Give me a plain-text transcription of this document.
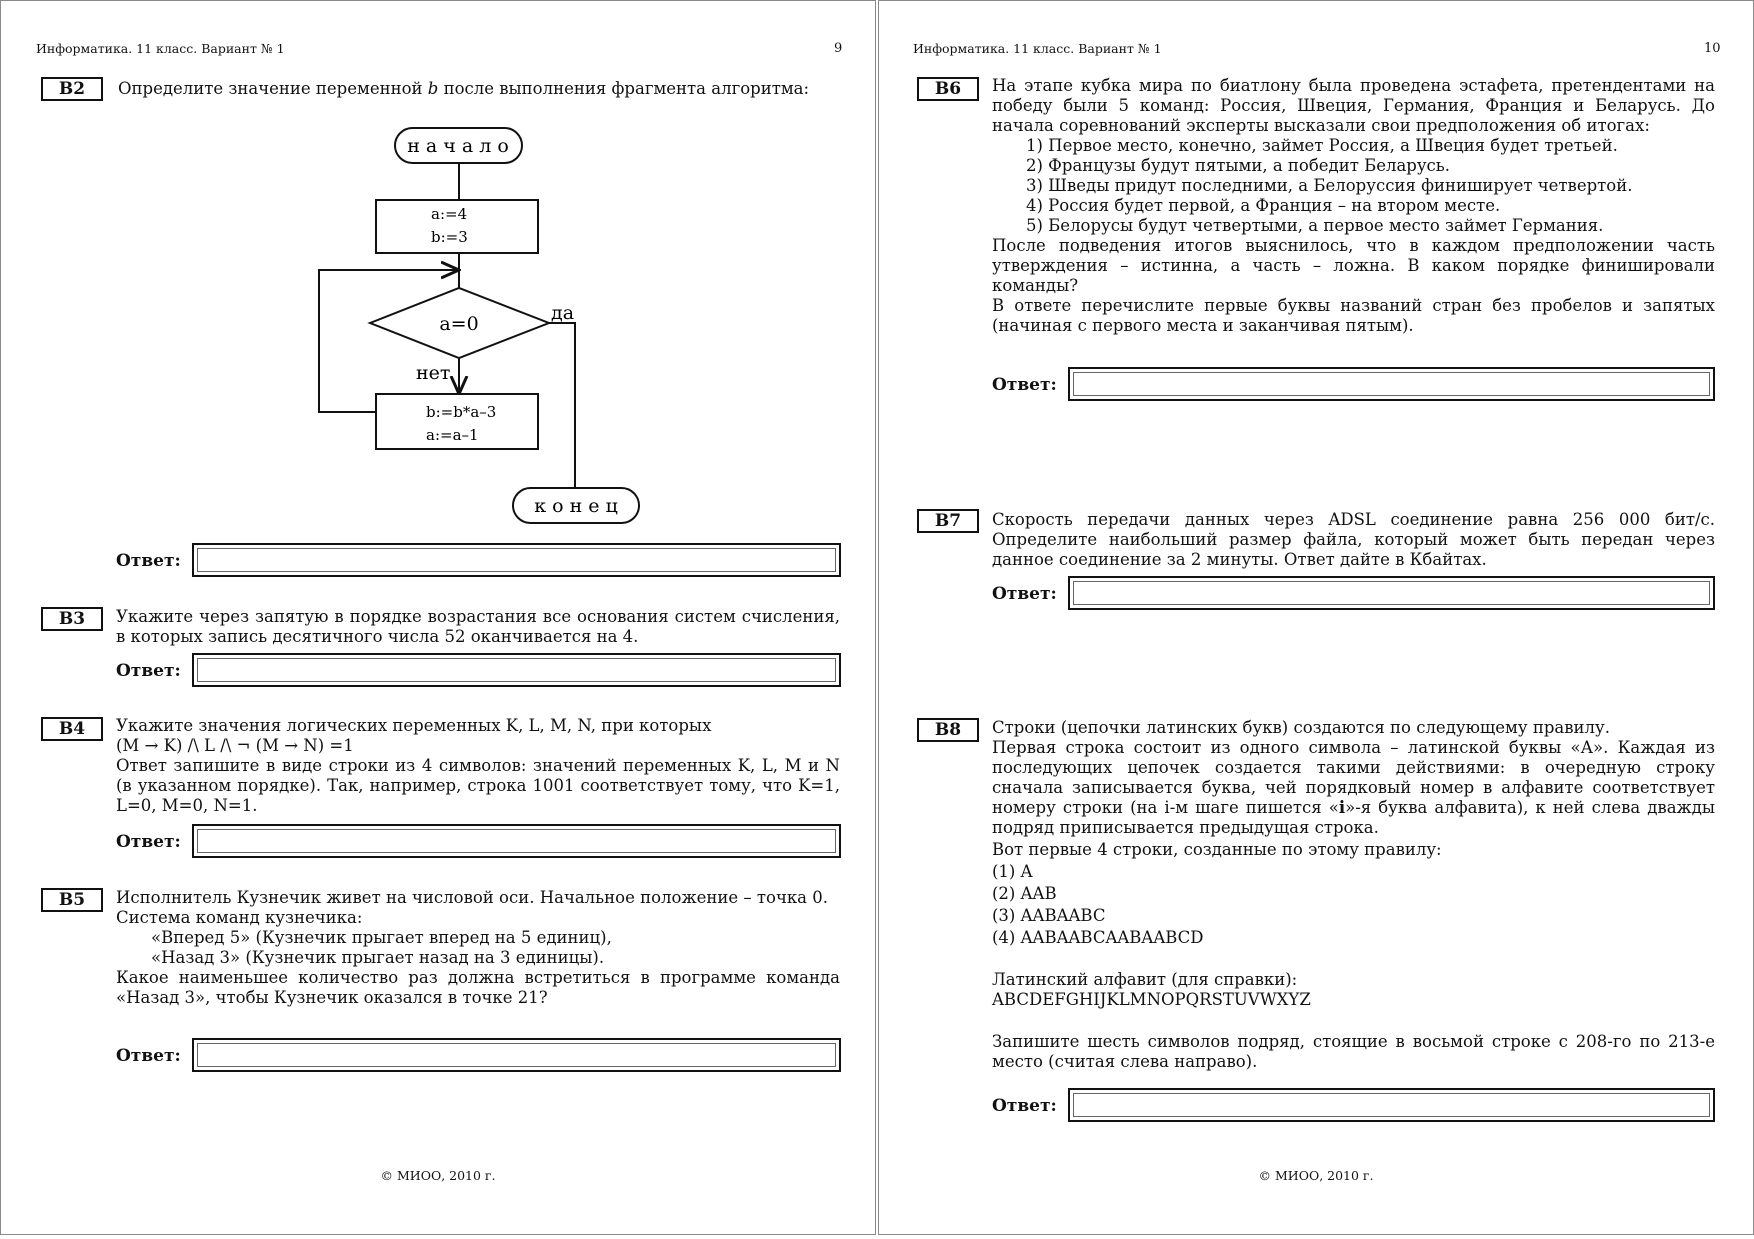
Информатика. 11 класс. Вариант № 1	9
B2	Определите значение переменной b после выполнения фрагмента алгоритма:

н а ч а л о
a:=4
b:=3
a=0	да
нет
b:=b*a–3
a:=a–1
к о н е ц
Ответ:
B3	Укажите через запятую в порядке возрастания все основания систем счисления, в которых запись десятичного числа 52 оканчивается на 4.
Ответ:
B4	Укажите значения логических переменных K, L, M, N, при которых

(M → K) /\ L /\ ¬ (M → N) =1

Ответ запишите в виде строки из 4 символов: значений переменных K, L, M и N (в указанном порядке). Так, например, строка 1001 соответствует тому, что K=1, L=0, M=0, N=1.

Ответ:
B5	Исполнитель Кузнечик живет на числовой оси. Начальное положение – точка 0.

Система команд кузнечика:

«Вперед 5» (Кузнечик прыгает вперед на 5 единиц),

«Назад 3» (Кузнечик прыгает назад на 3 единицы).

Какое наименьшее количество раз должна встретиться в программе команда «Назад 3», чтобы Кузнечик оказался в точке 21?

Ответ:
© МИОО, 2010 г.
Информатика. 11 класс. Вариант № 1	10
B6	На этапе кубка мира по биатлону была проведена эстафета, претендентами на победу были 5 команд: Россия, Швеция, Германия, Франция и Беларусь. До начала соревнований эксперты высказали свои предположения об итогах:

1) Первое место, конечно, займет Россия, а Швеция будет третьей.

2) Французы будут пятыми, а победит Беларусь.

3) Шведы придут последними, а Белоруссия финиширует четвертой.

4) Россия будет первой, а Франция – на втором месте.

5) Белорусы будут четвертыми, а первое место займет Германия.

После подведения итогов выяснилось, что в каждом предположении часть утверждения – истинна, а часть – ложна. В каком порядке финишировали команды?

В ответе перечислите первые буквы названий стран без пробелов и запятых (начиная с первого места и заканчивая пятым).

Ответ:
B7	Скорость передачи данных через ADSL соединение равна 256 000 бит/с. Определите наибольший размер файла, который может быть передан через данное соединение за 2 минуты. Ответ дайте в Кбайтах.
Ответ:
B8	Строки (цепочки латинских букв) создаются по следующему правилу.

Первая строка состоит из одного символа – латинской буквы «А». Каждая из последующих цепочек создается такими действиями: в очередную строку сначала записывается буква, чей порядковый номер в алфавите соответствует номеру строки (на i-м шаге пишется «i»-я буква алфавита), к ней слева дважды подряд приписывается предыдущая строка.

Вот первые 4 строки, созданные по этому правилу:

(1) A

(2) AAB

(3) AABAABC

(4) AABAABCAABAABCD

Латинский алфавит (для справки):

ABCDEFGHIJKLMNOPQRSTUVWXYZ

Запишите шесть символов подряд, стоящие в восьмой строке с 208-го по 213-е место (считая слева направо).

Ответ:
© МИОО, 2010 г.
